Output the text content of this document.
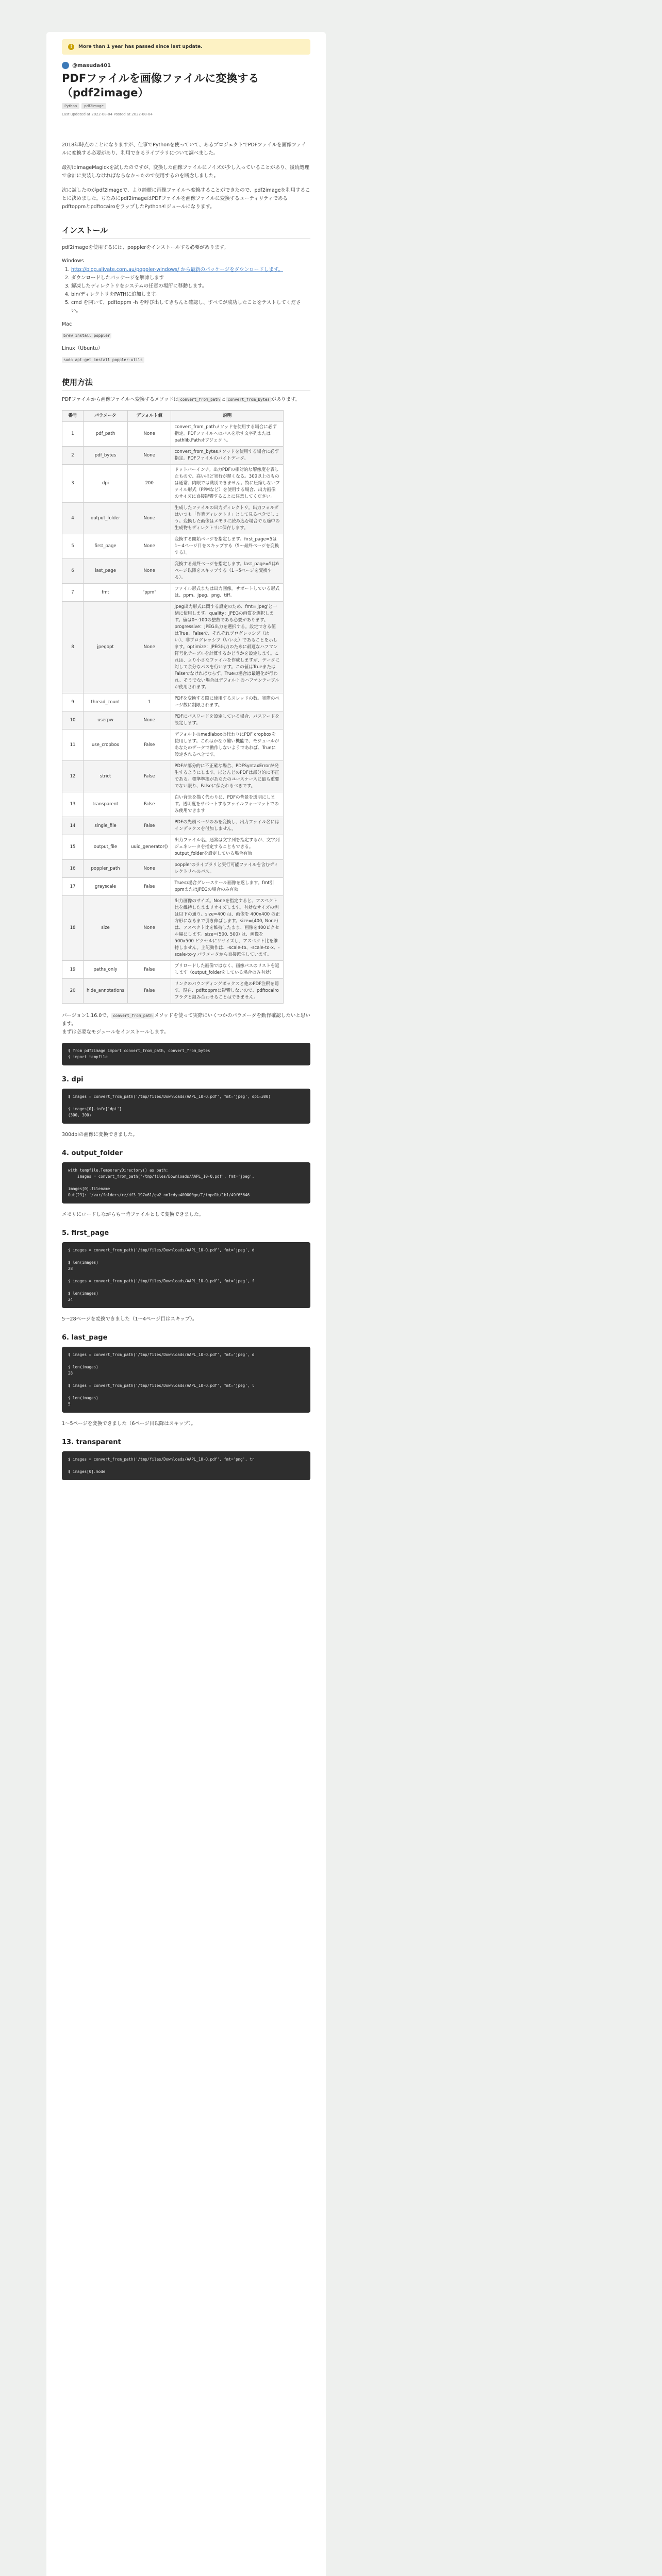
!	More than 1 year has passed since last update.
@masuda401
PDFファイルを画像ファイルに変換する（pdf2image）
Python	pdf2image
Last updated at 2022-08-04 Posted at 2022-08-04

2018年時点のことになりますが、仕事でPythonを使っていて、あるプロジェクトでPDFファイルを画像ファイルに変換する必要があり、利用できるライブラリについて調べました。

最初はImageMagickを試したのですが、変換した画像ファイルにノイズが少し入っていることがあり、後続処理で余計に実装しなければならなかったので使用するのを断念しました。

次に試したのがpdf2imageで、より綺麗に画像ファイルへ変換することができたので、pdf2imageを利用することに決めました。ちなみにpdf2imageはPDFファイルを画像ファイルに変換するユーティリティであるpdftoppmとpdftocairoをラップしたPythonモジュールになります。

インストール

pdf2imageを使用するには、popplerをインストールする必要があります。

Windows
1. http://blog.alivate.com.au/poppler-windows/ から最新のパッケージをダウンロードします。
2. ダウンロードしたパッケージを解凍します
3. 解凍したディレクトリをシステムの任意の場所に移動します。
4. bin/ディレクトリをPATHに追加します。
5. cmd を開いて、pdftoppm -h を呼び出してきちんと確認し、すべてが成功したことをテストしてください。
Mac
brew install poppler
Linux（Ubuntu）
sudo apt-get install poppler-utils
使用方法

PDFファイルから画像ファイルへ変換するメソッドは convert_from_path と convert_from_bytes があります。

番号	パラメータ	デフォルト値	説明
1	pdf_path	None	convert_from_pathメソッドを使用する場合に必ず指定。PDFファイルへのパスを示す文字列または pathlib.Pathオブジェクト。
2	pdf_bytes	None	convert_from_bytesメソッドを使用する場合に必ず指定。PDFファイルのバイトデータ。
3	dpi	200	ドットパーインチ。出力PDFの相対的な解像度を表したもので、高いほど実行が遅くなる。300以上のものは通常、肉眼では識別できません。特に圧縮しないファイル形式（PPMなど）を使用する場合、出力画像のサイズに直接影響することに注意してください。
4	output_folder	None	生成したファイルの出力ディレクトリ。出力フォルダはいつも「作業ディレクトリ」として見るべきでしょう。変換した画像はメモリに読み込む場合でも途中の生成物もディレクトリに保存します。
5	first_page	None	変換する開始ページを指定します。first_page=5は1〜4ページ目をスキップする（5〜最終ページを変換する）。
6	last_page	None	変換する最終ページを指定します。last_page=5は6ページ以降をスキップする（1〜5ページを変換する）。
7	fmt	"ppm"	ファイル形式または出力画像。サポートしている形式は、ppm、jpeg、png、tiff。
8	jpegopt	None	jpeg出力形式に関する設定のため、fmt='jpeg'と一緒に使用します。quality：JPEGの画質を選択します。値は0〜100の整数である必要があります。progressive：JPEG出力を選択する。設定できる値はTrue、Falseで、それぞれプログレッシブ（はい）、非プログレッシブ（いいえ）であることを示します。optimize：JPEG出力のために最適なハフマン符号化テーブルを計算するかどうかを設定します。これは、より小さなファイルを作成しますが、データに対して余分なパスを行います。この値はTrueまたはFalseでなければならず、Trueの場合は最適化が行われ、そうでない場合はデフォルトのハフマンテーブルが使用されます。
9	thread_count	1	PDFを変換する際に使用するスレッドの数。実際のページ数に制限されます。
10	userpw	None	PDFにパスワードを設定している場合、パスワードを設定します。
11	use_cropbox	False	デフォルトのmediaboxの代わりにPDF cropboxを使用します。これはかなり難い機能で、モジュールがあなたのデータで動作しないようであれば、Trueに設定されるべきです。
12	strict	False	PDFが部分的に不正確な場合、PDFSyntaxErrorが発生するようにします。ほとんどのPDFは部分的に不正である。標準準拠があなたのユースケースに最も重要でない限り、Falseに保たれるべきです。
13	transparent	False	白い背景を描く代わりに、PDFの背景を透明にします。透明度をサポートするファイルフォーマットでのみ使用できます
14	single_file	False	PDFの先頭ページのみを変換し、出力ファイル名にはインデックスを付加しません。
15	output_file	uuid_generator()	出力ファイル名。通常は文字列を指定するが、文字列ジェネレータを指定することもできる。output_folderを設定している場合有効
16	poppler_path	None	popplerのライブラリと実行可能ファイルを含むディレクトリへのパス。
17	grayscale	False	Trueの場合グレースケール画像を返します。fmt引ppmまたはJPEGの場合のみ有効
18	size	None	出力画像のサイズ。Noneを指定すると、アスペクト比を維持したままリサイズします。有効なサイズの例は以下の通り。size=400 は、画像を 400x400 の正方形になるまで引き伸ばします。size=(400, None) は、アスペクト比を維持したまま、画像を400ピクセル幅にします。size=(500, 500) は、画像を500x500 ピクセルにリサイズし、アスペクト比を維持しません。上記動作は、-scale-to、-scale-to-x、-scale-to-y パラメータから直接派生しています。
19	paths_only	False	ブリロードした画像ではなく、画像パスのリストを返します（output_folderをしている場合のみ有効）
20	hide_annotations	False	リンクのバウンディングボックスと他のPDF注釈を隠す。現在、pdftoppmに影響しないので、pdftocairoフラグと組み合わせることはできません。

バージョン1.16.0で、 convert_from_path メソッドを使って実際にいくつかのパラメータを動作確認したいと思います。
まずは必要なモジュールをインストールします。

$ from pdf2image import convert_from_path, convert_from_bytes
$ import tempfile
3. dpi
$ images = convert_from_path('/tmp/files/Downloads/AAPL_10-Q.pdf', fmt='jpeg', dpi=300)

$ images[0].info['dpi']
(300, 300)

300dpiの画像に変換できました。

4. output_folder
with tempfile.TemporaryDirectory() as path:
images = convert_from_path('/tmp/files/Downloads/AAPL_10-Q.pdf', fmt='jpeg',

images[0].filename
Out[23]: '/var/folders/rz/df3_197x61/gw2_nm1cdyu400000gn/T/tmpd1b/1b1/49f65646

メモリにロードしながらも一時ファイルとして変換できました。

5. first_page
$ images = convert_from_path('/tmp/files/Downloads/AAPL_10-Q.pdf', fmt='jpeg', d

$ len(images)
28

$ images = convert_from_path('/tmp/files/Downloads/AAPL_10-Q.pdf', fmt='jpeg', f

$ len(images)
24

5〜28ページを変換できました（1〜4ページ目はスキップ）。

6. last_page
$ images = convert_from_path('/tmp/files/Downloads/AAPL_10-Q.pdf', fmt='jpeg', d

$ len(images)
28

$ images = convert_from_path('/tmp/files/Downloads/AAPL_10-Q.pdf', fmt='jpeg', l

$ len(images)
5

1〜5ページを変換できました（6ページ目以降はスキップ）。

13. transparent
$ images = convert_from_path('/tmp/files/Downloads/AAPL_10-Q.pdf', fmt='png', tr

$ images[0].mode
